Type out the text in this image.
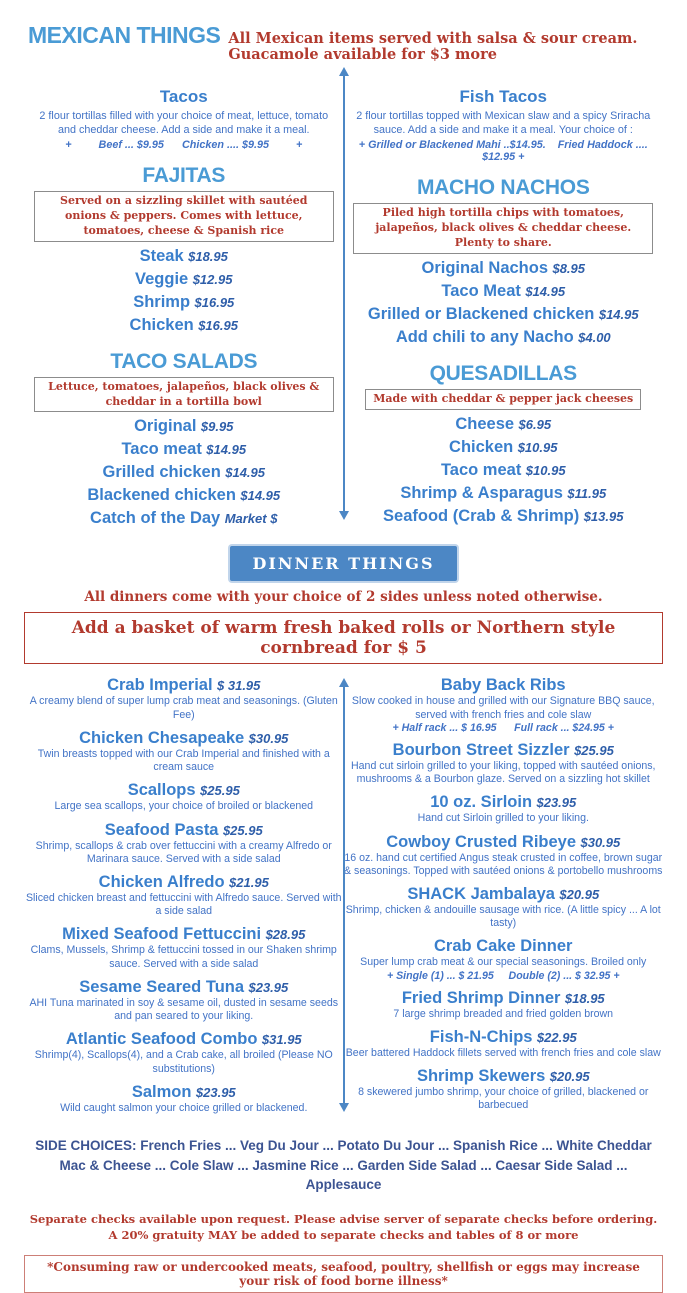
MEXICAN THINGS All Mexican items served with salsa & sour cream. Guacamole available for $3 more
Tacos
2 flour tortillas filled with your choice of meat, lettuce, tomato and cheddar cheese. Add a side and make it a meal.
+         Beef ... $9.95      Chicken .... $9.95         +
FAJITAS
Served on a sizzling skillet with sautéed onions & peppers. Comes with lettuce, tomatoes, cheese & Spanish rice
Steak $18.95
Veggie $12.95
Shrimp $16.95
Chicken $16.95
TACO SALADS
Lettuce, tomatoes, jalapeños, black olives & cheddar in a tortilla bowl
Original $9.95
Taco meat $14.95
Grilled chicken $14.95
Blackened chicken $14.95
Catch of the Day Market $
Fish Tacos
2 flour tortillas topped with Mexican slaw and a spicy Sriracha sauce. Add a side and make it a meal. Your choice of :
+ Grilled or Blackened Mahi ..$14.95.    Fried Haddock .... $12.95 +
MACHO NACHOS
Piled high tortilla chips with tomatoes, jalapeños, black olives & cheddar cheese. Plenty to share.
Original Nachos $8.95
Taco Meat $14.95
Grilled or Blackened chicken $14.95
Add chili to any Nacho $4.00
QUESADILLAS
Made with cheddar & pepper jack cheeses
Cheese $6.95
Chicken $10.95
Taco meat $10.95
Shrimp & Asparagus $11.95
Seafood (Crab & Shrimp) $13.95
DINNER THINGS
All dinners come with your choice of 2 sides unless noted otherwise.
Add a basket of warm fresh baked rolls or Northern style cornbread for $ 5
Crab Imperial $ 31.95
A creamy blend of super lump crab meat and seasonings. (Gluten Fee)
Chicken Chesapeake $30.95
Twin breasts topped with our Crab Imperial and finished with a cream sauce
Scallops $25.95
Large sea scallops, your choice of broiled or blackened
Seafood Pasta $25.95
Shrimp, scallops & crab over fettuccini with a creamy Alfredo or Marinara sauce. Served with a side salad
Chicken Alfredo $21.95
Sliced chicken breast and fettuccini with Alfredo sauce. Served with a side salad
Mixed Seafood Fettuccini $28.95
Clams, Mussels, Shrimp & fettuccini tossed in our Shaken shrimp sauce. Served with a side salad
Sesame Seared Tuna $23.95
AHI Tuna marinated in soy & sesame oil, dusted in sesame seeds and pan seared to your liking.
Atlantic Seafood Combo $31.95
Shrimp(4), Scallops(4), and a Crab cake, all broiled (Please NO substitutions)
Salmon $23.95
Wild caught salmon your choice grilled or blackened.
Baby Back Ribs
Slow cooked in house and grilled with our Signature BBQ sauce, served with french fries and cole slaw
+ Half rack ... $ 16.95      Full rack ... $24.95 +
Bourbon Street Sizzler $25.95
Hand cut sirloin grilled to your liking, topped with sautéed onions, mushrooms & a Bourbon glaze. Served on a sizzling hot skillet
10 oz. Sirloin $23.95
Hand cut Sirloin grilled to your liking.
Cowboy Crusted Ribeye $30.95
16 oz. hand cut certified Angus steak crusted in coffee, brown sugar & seasonings. Topped with sautéed onions & portobello mushrooms
SHACK Jambalaya $20.95
Shrimp, chicken & andouille sausage with rice. (A little spicy ... A lot tasty)
Crab Cake Dinner
Super lump crab meat & our special seasonings. Broiled only
+ Single (1) ... $ 21.95     Double (2) ... $ 32.95 +
Fried Shrimp Dinner $18.95
7 large shrimp breaded and fried golden brown
Fish-N-Chips $22.95
Beer battered Haddock fillets served with french fries and cole slaw
Shrimp Skewers $20.95
8 skewered jumbo shrimp, your choice of grilled, blackened or barbecued

SIDE CHOICES: French Fries ... Veg Du Jour ... Potato Du Jour ... Spanish Rice ... White Cheddar Mac & Cheese ... Cole Slaw ... Jasmine Rice ... Garden Side Salad ... Caesar Side Salad ... Applesauce

Separate checks available upon request. Please advise server of separate checks before ordering.
A 20% gratuity MAY be added to separate checks and tables of 8 or more

*Consuming raw or undercooked meats, seafood, poultry, shellfish or eggs may increase your risk of food borne illness*
